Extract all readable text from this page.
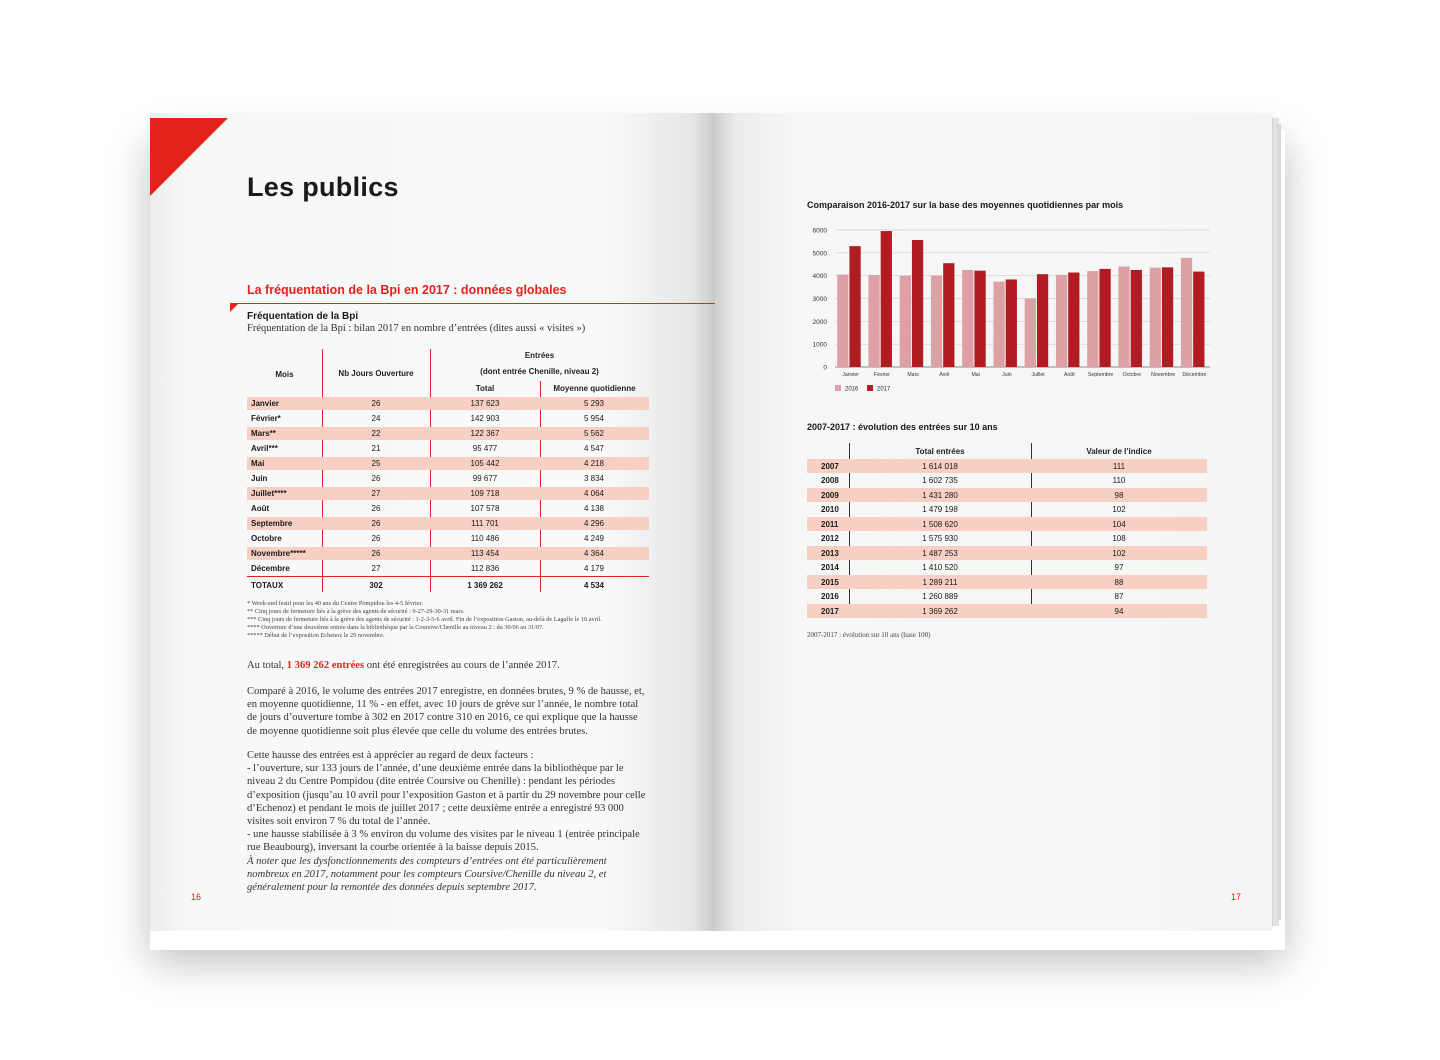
Les publics
La fréquentation de la Bpi en 2017 : données globales
Fréquentation de la Bpi
Fréquentation de la Bpi : bilan 2017 en nombre d’entrées (dites aussi « visites »)
Mois	Nb Jours Ouverture
Entrées
(dont entrée Chenille, niveau 2)
Total	Moyenne quotidienne
Janvier	26	137 623	5 293
Février*	24	142 903	5 954
Mars**	22	122 367	5 562
Avril***	21	95 477	4 547
Mai	25	105 442	4 218
Juin	26	99 677	3 834
Juillet****	27	109 718	4 064
Août	26	107 578	4 138
Septembre	26	111 701	4 296
Octobre	26	110 486	4 249
Novembre*****	26	113 454	4 364
Décembre	27	112 836	4 179
TOTAUX	302	1 369 262	4 534
* Week-end festif pour les 40 ans du Centre Pompidou les 4-5 février.
** Cinq jours de fermeture liés à la grève des agents de sécurité : 9-27-29-30-31 mars.
*** Cinq jours de fermeture liés à la grève des agents de sécurité : 1-2-3-5-6 avril. Fin de l’exposition Gaston, au-delà de Lagaffe le 10 avril.
**** Ouverture d’une deuxième entrée dans la bibliothèque par la Coursive/Chenille au niveau 2 : du 30/06 au 31/07.
***** Début de l’exposition Echenoz le 29 novembre.
Au total, 1 369 262 entrées ont été enregistrées au cours de l’année 2017.
Comparé à 2016, le volume des entrées 2017 enregistre, en données brutes, 9 % de hausse, et, en moyenne quotidienne, 11 % - en effet, avec 10 jours de grève sur l’année, le nombre total de jours d’ouverture tombe à 302 en 2017 contre 310 en 2016, ce qui explique que la hausse de moyenne quotidienne soit plus élevée que celle du volume des entrées brutes.
Cette hausse des entrées est à apprécier au regard de deux facteurs :
- l’ouverture, sur 133 jours de l’année, d’une deuxième entrée dans la bibliothèque par le niveau 2 du Centre Pompidou (dite entrée Coursive ou Chenille) : pendant les périodes d’exposition (jusqu’au 10 avril pour l’exposition Gaston et à partir du 29 novembre pour celle d’Echenoz) et pendant le mois de juillet 2017 ; cette deuxième entrée a enregistré 93 000 visites soit environ 7 % du total de l’année.
- une hausse stabilisée à 3 % environ du volume des visites par le niveau 1 (entrée principale rue Beaubourg), inversant la courbe orientée à la baisse depuis 2015.
À noter que les dysfonctionnements des compteurs d’entrées ont été particulièrement nombreux en 2017, notamment pour les compteurs Coursive/Chenille du niveau 2, et généralement pour la remontée des données depuis septembre 2017.
16	17
Comparaison 2016-2017 sur la base des moyennes quotidiennes par mois
0
1000
2000
3000
4000
5000
6000
Janvier	Février	Mars	Avril	Mai	Juin	Juillet	Août	Septembre Octobre Novembre Décembre
2016	2017
2007-2017 : évolution des entrées sur 10 ans
Total entrées	Valeur de l’indice
2007	1 614 018	111
2008	1 602 735	110
2009	1 431 280	98
2010	1 479 198	102
2011	1 508 620	104
2012	1 575 930	108
2013	1 487 253	102
2014	1 410 520	97
2015	1 289 211	88
2016	1 260 889	87
2017	1 369 262	94
2007-2017 : évolution sur 10 ans (base 100)
